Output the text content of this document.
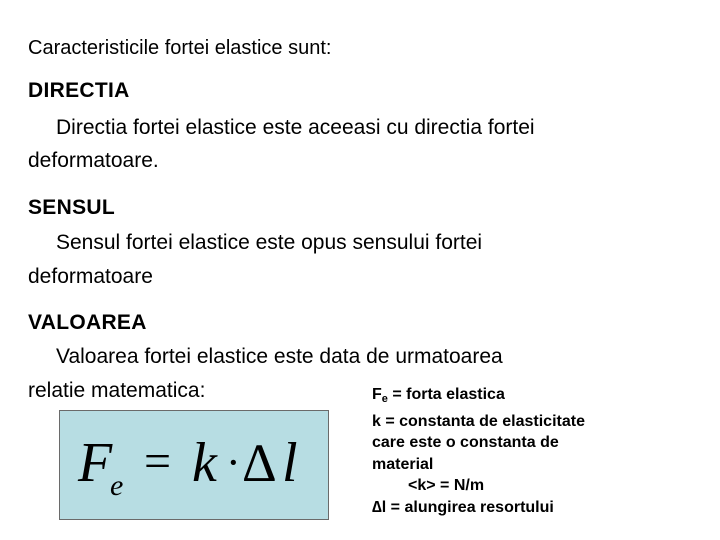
Caracteristicile fortei elastice sunt:
DIRECTIA
Directia fortei elastice este aceeasi cu directia fortei
deformatoare.
SENSUL
Sensul fortei elastice este opus sensului fortei
deformatoare
VALOAREA
Valoarea fortei elastice este data de urmatoarea
relatie matematica:
F
e = k · Δ l
$F_e$ = forta elastica
k = constanta de elasticitate
care este o constanta de
material
<k> = N/m
∆l = alungirea resortului
